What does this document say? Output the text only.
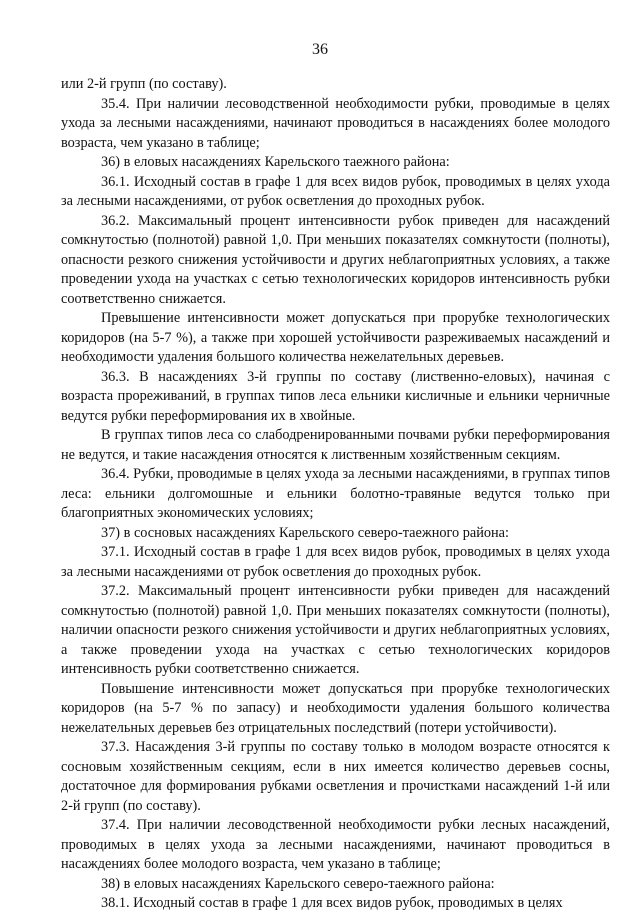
36

или 2-й групп (по составу).

35.4. При наличии лесоводственной необходимости рубки, проводимые в целях ухода за лесными насаждениями, начинают проводиться в насаждениях более молодого возраста, чем указано в таблице;

36) в еловых насаждениях Карельского таежного района:

36.1. Исходный состав в графе 1 для всех видов рубок, проводимых в целях ухода за лесными насаждениями, от рубок осветления до проходных рубок.

36.2. Максимальный процент интенсивности рубок приведен для насаждений сомкнутостью (полнотой) равной 1,0. При меньших показателях сомкнутости (полноты), опасности резкого снижения устойчивости и других неблагоприятных условиях, а также проведении ухода на участках с сетью технологических коридоров интенсивность рубки соответственно снижается.

Превышение интенсивности может допускаться при прорубке технологических коридоров (на 5-7 %), а также при хорошей устойчивости разреживаемых насаждений и необходимости удаления большого количества нежелательных деревьев.

36.3. В насаждениях 3-й группы по составу (лиственно-еловых), начиная с возраста прореживаний, в группах типов леса ельники кисличные и ельники черничные ведутся рубки переформирования их в хвойные.

В группах типов леса со слабодренированными почвами рубки переформирования не ведутся, и такие насаждения относятся к лиственным хозяйственным секциям.

36.4. Рубки, проводимые в целях ухода за лесными насаждениями, в группах типов леса: ельники долгомошные и ельники болотно-травяные ведутся только при благоприятных экономических условиях;

37) в сосновых насаждениях Карельского северо-таежного района:

37.1. Исходный состав в графе 1 для всех видов рубок, проводимых в целях ухода за лесными насаждениями от рубок осветления до проходных рубок.

37.2. Максимальный процент интенсивности рубки приведен для насаждений сомкнутостью (полнотой) равной 1,0. При меньших показателях сомкнутости (полноты), наличии опасности резкого снижения устойчивости и других неблагоприятных условиях, а также проведении ухода на участках с сетью технологических коридоров интенсивность рубки соответственно снижается.

Повышение интенсивности может допускаться при прорубке технологических коридоров (на 5-7 % по запасу) и необходимости удаления большого количества нежелательных деревьев без отрицательных последствий (потери устойчивости).

37.3. Насаждения 3-й группы по составу только в молодом возрасте относятся к сосновым хозяйственным секциям, если в них имеется количество деревьев сосны, достаточное для формирования рубками осветления и прочистками насаждений 1-й или 2-й групп (по составу).

37.4. При наличии лесоводственной необходимости рубки лесных насаждений, проводимых в целях ухода за лесными насаждениями, начинают проводиться в насаждениях более молодого возраста, чем указано в таблице;

38) в еловых насаждениях Карельского северо-таежного района:

38.1. Исходный состав в графе 1 для всех видов рубок, проводимых в целях
